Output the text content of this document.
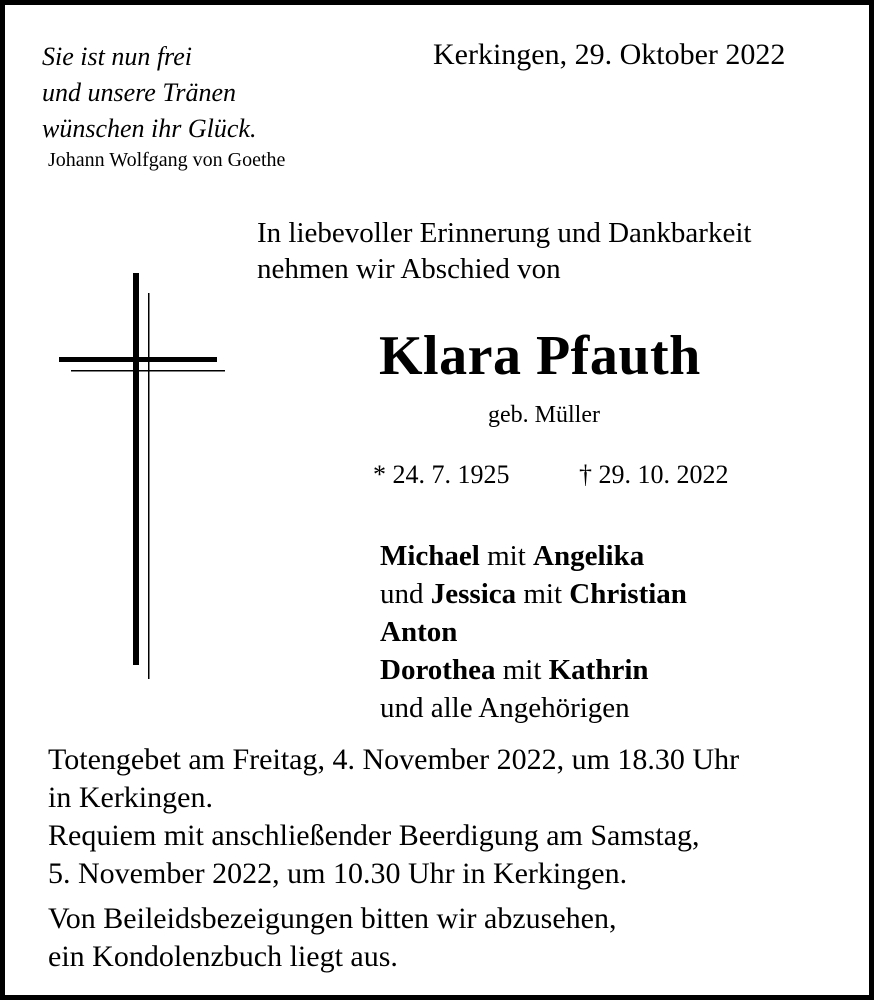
Sie ist nun frei
und unsere Tränen
wünschen ihr Glück.
Johann Wolfgang von Goethe
Kerkingen, 29. Oktober 2022
In liebevoller Erinnerung und Dankbarkeit
nehmen wir Abschied von
Klara Pfauth
geb. Müller
* 24. 7. 1925	† 29. 10. 2022
Michael mit Angelika
und Jessica mit Christian
Anton
Dorothea mit Kathrin
und alle Angehörigen
Totengebet am Freitag, 4. November 2022, um 18.30 Uhr
in Kerkingen.
Requiem mit anschließender Beerdigung am Samstag,
5. November 2022, um 10.30 Uhr in Kerkingen.
Von Beileidsbezeigungen bitten wir abzusehen,
ein Kondolenzbuch liegt aus.
